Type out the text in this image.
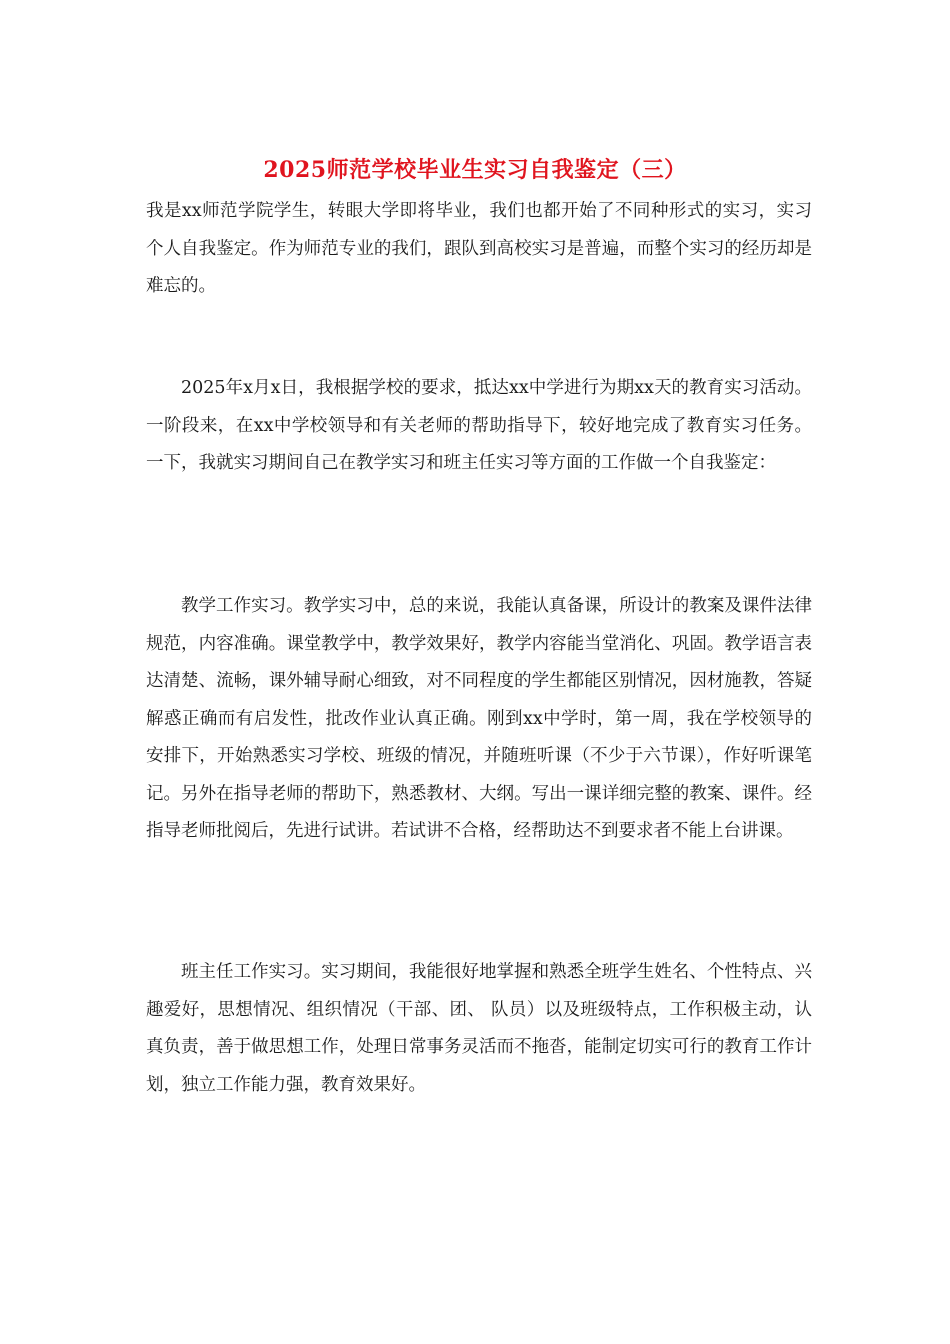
2025师范学校毕业生实习自我鉴定（三）

我是xx师范学院学生，转眼大学即将毕业，我们也都开始了不同种形式的实习，实习个人自我鉴定。作为师范专业的我们，跟队到高校实习是普遍，而整个实习的经历却是难忘的。

2025年x月x日，我根据学校的要求，抵达xx中学进行为期xx天的教育实习活动。一阶段来，在xx中学校领导和有关老师的帮助指导下，较好地完成了教育实习任务。一下，我就实习期间自己在教学实习和班主任实习等方面的工作做一个自我鉴定：

教学工作实习。教学实习中，总的来说，我能认真备课，所设计的教案及课件法律规范，内容准确。课堂教学中，教学效果好，教学内容能当堂消化、巩固。教学语言表达清楚、流畅，课外辅导耐心细致，对不同程度的学生都能区别情况，因材施教，答疑解惑正确而有启发性，批改作业认真正确。刚到xx中学时，第一周，我在学校领导的安排下，开始熟悉实习学校、班级的情况，并随班听课（不少于六节课），作好听课笔记。另外在指导老师的帮助下，熟悉教材、大纲。写出一课详细完整的教案、课件。经指导老师批阅后，先进行试讲。若试讲不合格，经帮助达不到要求者不能上台讲课。

班主任工作实习。实习期间，我能很好地掌握和熟悉全班学生姓名、个性特点、兴趣爱好，思想情况、组织情况（干部、团、 队员）以及班级特点，工作积极主动，认真负责，善于做思想工作，处理日常事务灵活而不拖沓，能制定切实可行的教育工作计划，独立工作能力强，教育效果好。
